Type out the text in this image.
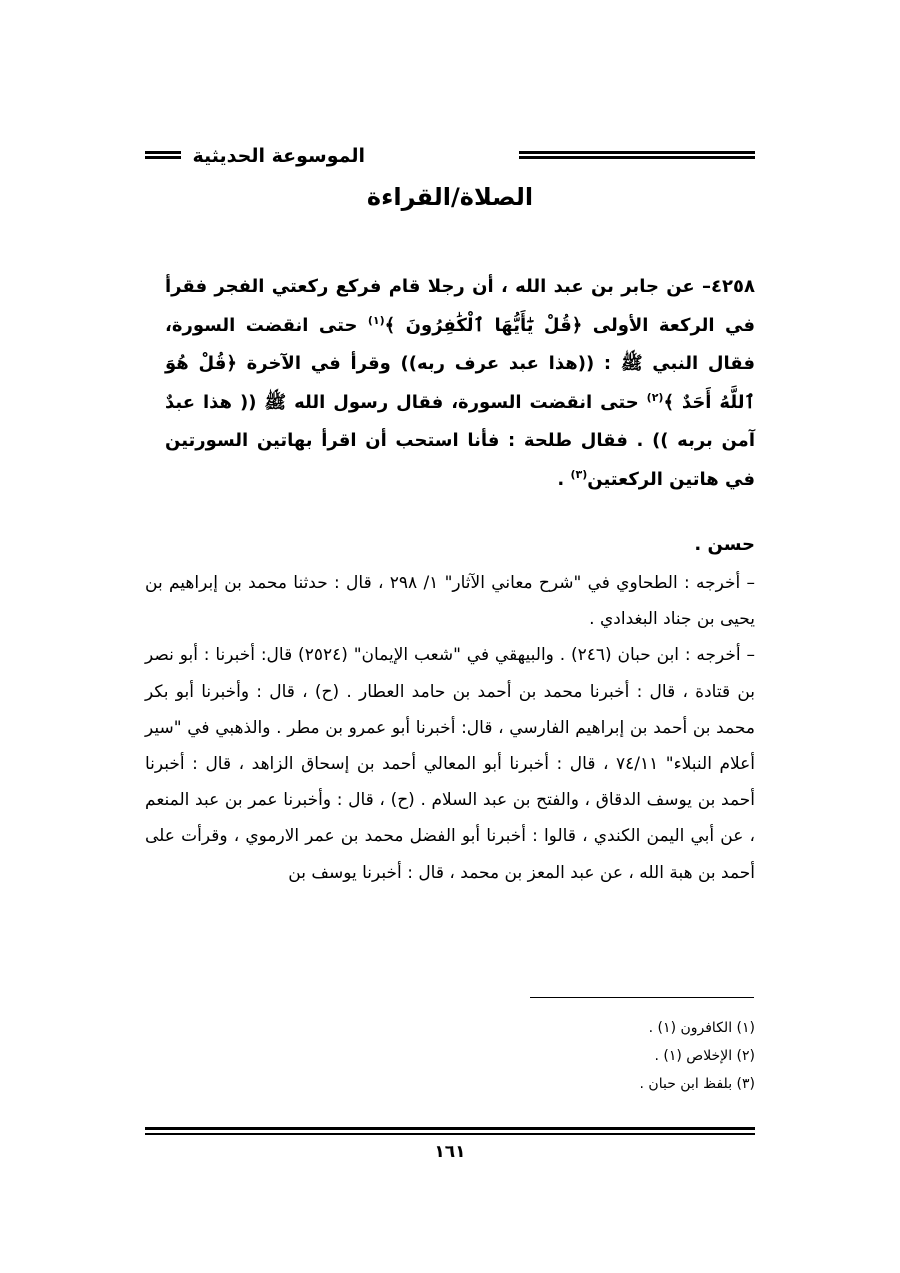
الموسوعة الحديثية
الصلاة/القراءة
٤٢٥٨– عن جابر بن عبد الله ، أن رجلا قام فركع ركعتي الفجر فقرأ في الركعة الأولى ﴿قُلْ يَٰٓأَيُّهَا ٱلْكَٰفِرُونَ ﴾$^{(١)}$ حتى انقضت السورة، فقال النبي ﷺ : ((هذا عبد عرف ربه)) وقرأ في الآخرة ﴿قُلْ هُوَ ٱللَّهُ أَحَدٌ ﴾$^{(٢)}$ حتى انقضت السورة، فقال رسول الله ﷺ (( هذا عبدٌ آمن بربه )) . فقال طلحة : فأنا استحب أن اقرأ بهاتين السورتين في هاتين الركعتين$^{(٣)}$ .
حسن .

– أخرجه : الطحاوي في "شرح معاني الآثار" ١/ ٢٩٨ ، قال : حدثنا محمد بن إبراهيم بن يحيى بن جناد البغدادي .

– أخرجه : ابن حبان (٢٤٦) . والبيهقي في "شعب الإيمان" (٢٥٢٤) قال: أخبرنا : أبو نصر بن قتادة ، قال : أخبرنا محمد بن أحمد بن حامد العطار . (ح) ، قال : وأخبرنا أبو بكر محمد بن أحمد بن إبراهيم الفارسي ، قال: أخبرنا أبو عمرو بن مطر . والذهبي في "سير أعلام النبلاء" ٧٤/١١ ، قال : أخبرنا أبو المعالي أحمد بن إسحاق الزاهد ، قال : أخبرنا أحمد بن يوسف الدقاق ، والفتح بن عبد السلام . (ح) ، قال : وأخبرنا عمر بن عبد المنعم ، عن أبي اليمن الكندي ، قالوا : أخبرنا أبو الفضل محمد بن عمر الارموي ، وقرأت على أحمد بن هبة الله ، عن عبد المعز بن محمد ، قال : أخبرنا يوسف بن

(١) الكافرون (١) .
(٢) الإخلاص (١) .
(٣) بلفظ ابن حبان .
١٦١
